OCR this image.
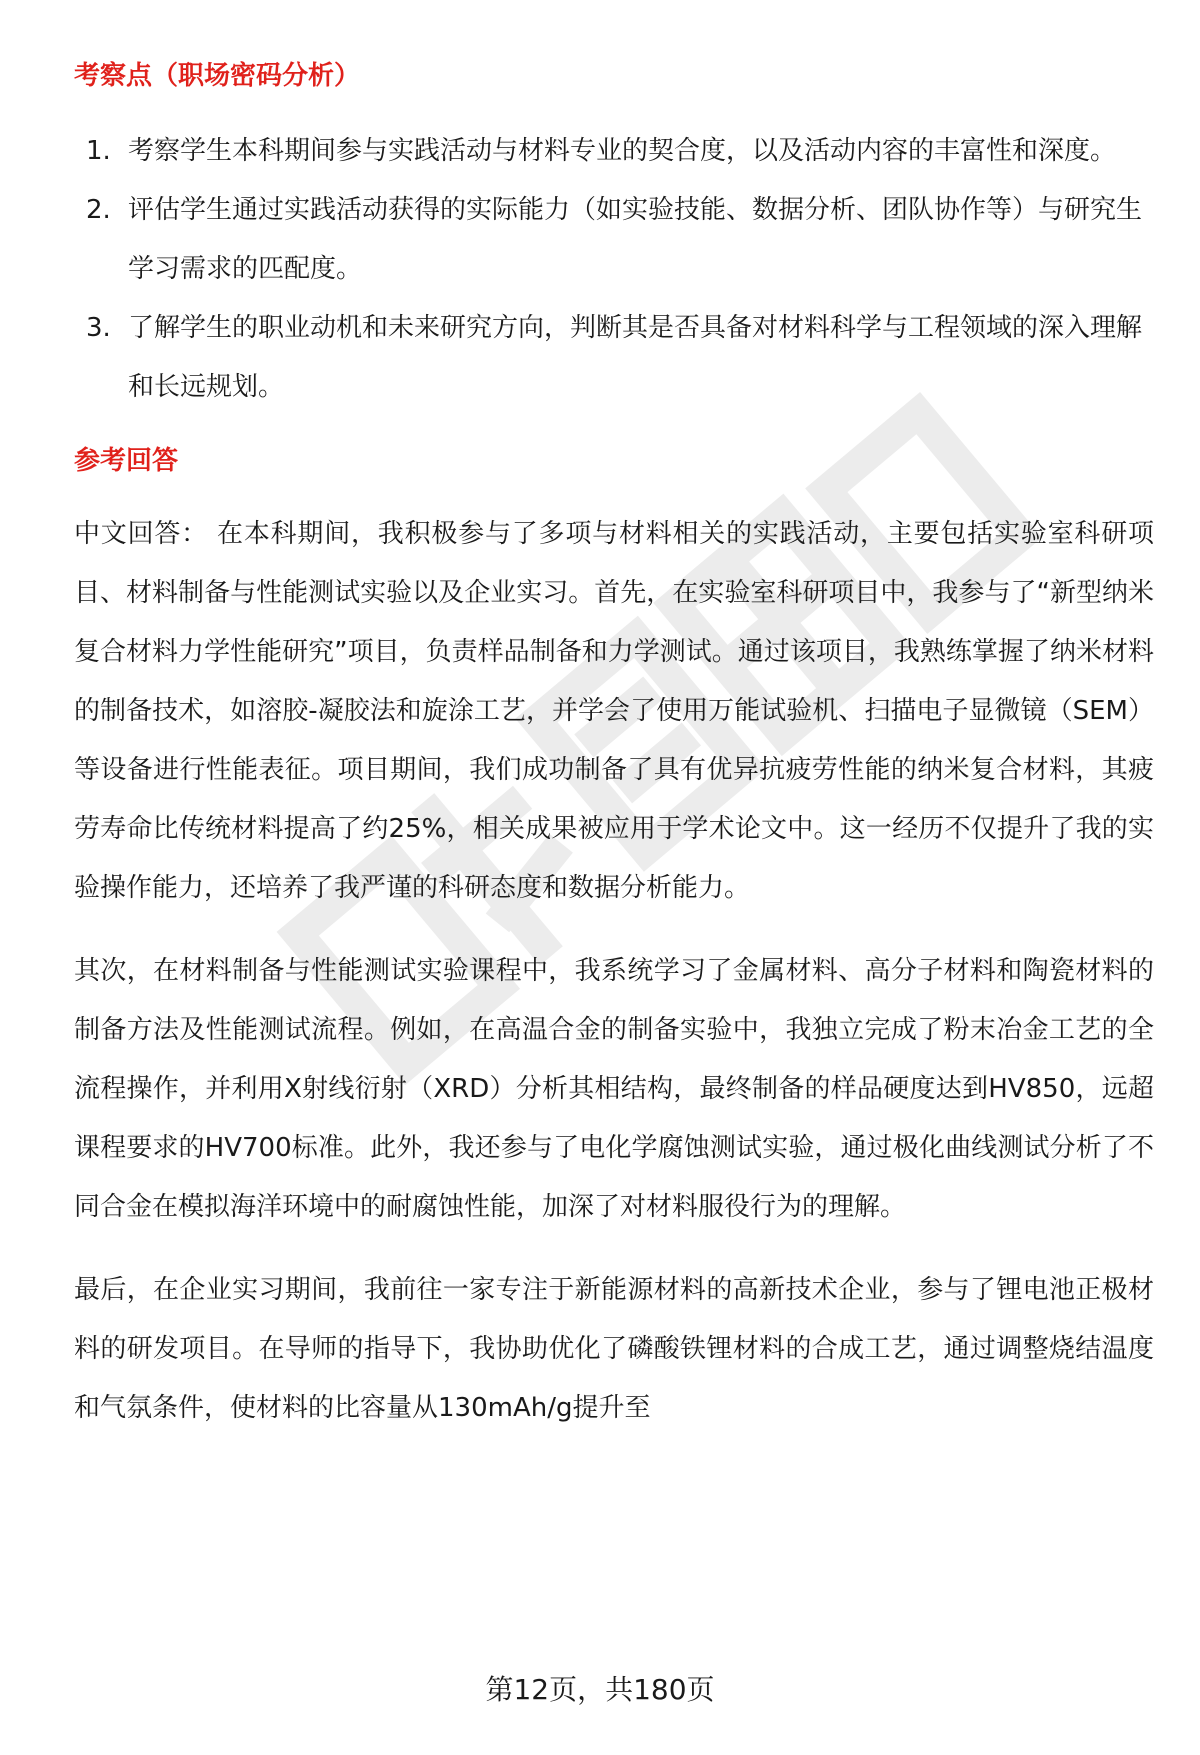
考察点（职场密码分析）
1. 考察学生本科期间参与实践活动与材料专业的契合度，以及活动内容的丰富性和深度。
2. 评估学生通过实践活动获得的实际能力（如实验技能、数据分析、团队协作等）与研究生学习需求的匹配度。
3. 了解学生的职业动机和未来研究方向，判断其是否具备对材料科学与工程领域的深入理解和长远规划。
参考回答

中文回答： 在本科期间，我积极参与了多项与材料相关的实践活动，主要包括实验室科研项目、材料制备与性能测试实验以及企业实习。首先，在实验室科研项目中，我参与了“新型纳米复合材料力学性能研究”项目，负责样品制备和力学测试。通过该项目，我熟练掌握了纳米材料的制备技术，如溶胶-凝胶法和旋涂工艺，并学会了使用万能试验机、扫描电子显微镜（SEM）等设备进行性能表征。项目期间，我们成功制备了具有优异抗疲劳性能的纳米复合材料，其疲劳寿命比传统材料提高了约25%，相关成果被应用于学术论文中。这一经历不仅提升了我的实验操作能力，还培养了我严谨的科研态度和数据分析能力。

其次，在材料制备与性能测试实验课程中，我系统学习了金属材料、高分子材料和陶瓷材料的制备方法及性能测试流程。例如，在高温合金的制备实验中，我独立完成了粉末冶金工艺的全流程操作，并利用X射线衍射（XRD）分析其相结构，最终制备的样品硬度达到HV850，远超课程要求的HV700标准。此外，我还参与了电化学腐蚀测试实验，通过极化曲线测试分析了不同合金在模拟海洋环境中的耐腐蚀性能，加深了对材料服役行为的理解。

最后，在企业实习期间，我前往一家专注于新能源材料的高新技术企业，参与了锂电池正极材料的研发项目。在导师的指导下，我协助优化了磷酸铁锂材料的合成工艺，通过调整烧结温度和气氛条件，使材料的比容量从130mAh/g提升至

第12页，共180页
